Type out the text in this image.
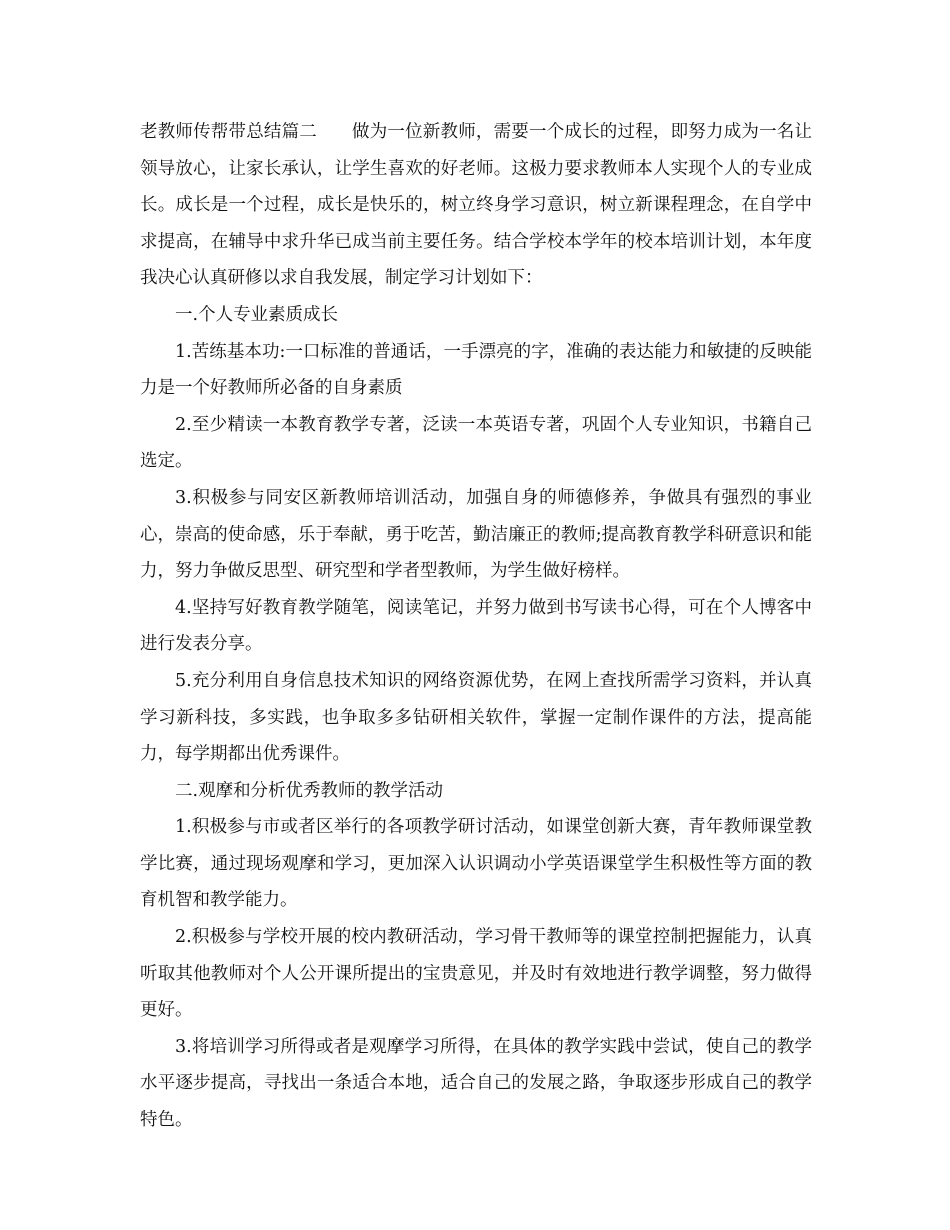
老教师传帮带总结篇二 做为一位新教师，需要一个成长的过程，即努力成为一名让领导放心，让家长承认，让学生喜欢的好老师。这极力要求教师本人实现个人的专业成长。成长是一个过程，成长是快乐的，树立终身学习意识，树立新课程理念，在自学中求提高，在辅导中求升华已成当前主要任务。结合学校本学年的校本培训计划，本年度我决心认真研修以求自我发展，制定学习计划如下：

一.个人专业素质成长

1.苦练基本功:一口标准的普通话，一手漂亮的字，准确的表达能力和敏捷的反映能力是一个好教师所必备的自身素质

2.至少精读一本教育教学专著，泛读一本英语专著，巩固个人专业知识，书籍自己选定。

3.积极参与同安区新教师培训活动，加强自身的师德修养，争做具有强烈的事业心，崇高的使命感，乐于奉献，勇于吃苦，勤洁廉正的教师;提高教育教学科研意识和能力，努力争做反思型、研究型和学者型教师，为学生做好榜样。

4.坚持写好教育教学随笔，阅读笔记，并努力做到书写读书心得，可在个人博客中进行发表分享。

5.充分利用自身信息技术知识的网络资源优势，在网上查找所需学习资料，并认真学习新科技，多实践，也争取多多钻研相关软件，掌握一定制作课件的方法，提高能力，每学期都出优秀课件。

二.观摩和分析优秀教师的教学活动

1.积极参与市或者区举行的各项教学研讨活动，如课堂创新大赛，青年教师课堂教学比赛，通过现场观摩和学习，更加深入认识调动小学英语课堂学生积极性等方面的教育机智和教学能力。

2.积极参与学校开展的校内教研活动，学习骨干教师等的课堂控制把握能力，认真听取其他教师对个人公开课所提出的宝贵意见，并及时有效地进行教学调整，努力做得更好。

3.将培训学习所得或者是观摩学习所得，在具体的教学实践中尝试，使自己的教学水平逐步提高，寻找出一条适合本地，适合自己的发展之路，争取逐步形成自己的教学特色。
